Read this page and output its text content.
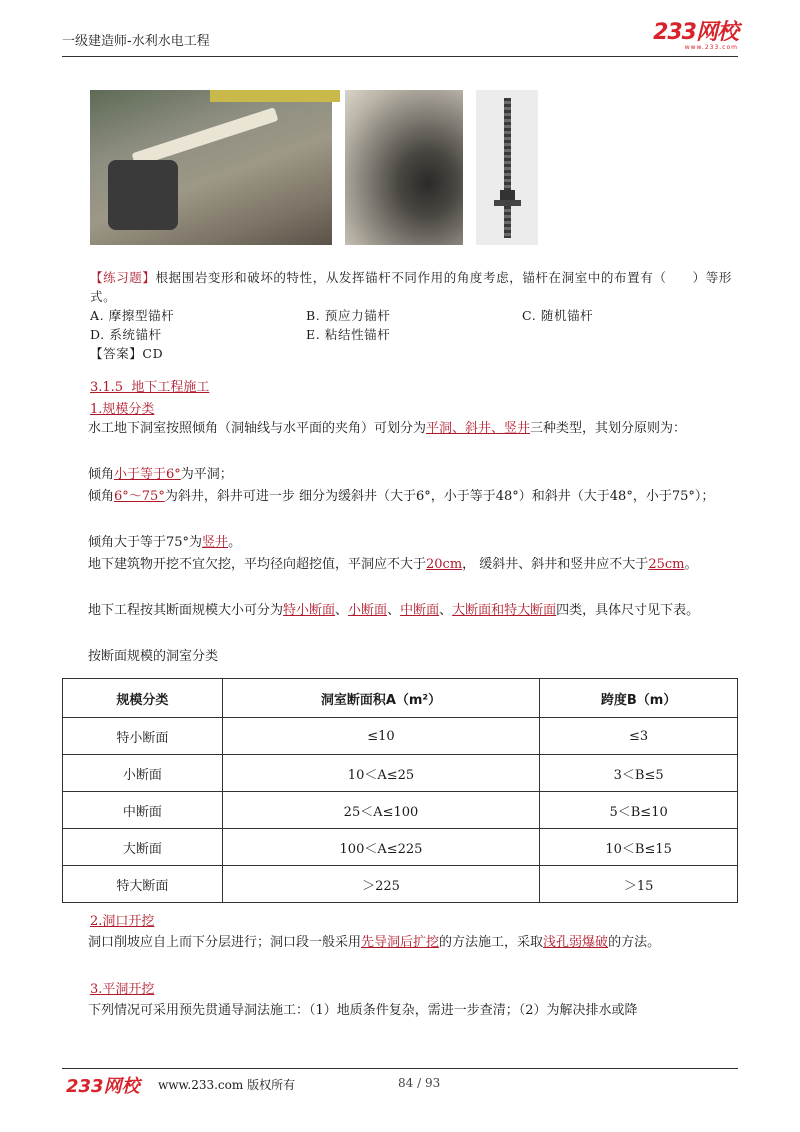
一级建造师-水利水电工程	233网校
www.233.com
【练习题】根据围岩变形和破坏的特性，从发挥锚杆不同作用的角度考虑，锚杆在洞室中的布置有（　　）等形式。
A. 摩擦型锚杆	B. 预应力锚杆	C. 随机锚杆
D. 系统锚杆	E. 粘结性锚杆
【答案】CD
3.1.5 地下工程施工
1.规模分类
水工地下洞室按照倾角（洞轴线与水平面的夹角）可划分为平洞、斜井、竖井三种类型，其划分原则为：
倾角小于等于6°为平洞；
倾角6°～75°为斜井，斜井可进一步 细分为缓斜井（大于6°，小于等于48°）和斜井（大于48°，小于75°）；
倾角大于等于75°为竖井。
地下建筑物开挖不宜欠挖，平均径向超挖值，平洞应不大于20cm， 缓斜井、斜井和竖井应不大于25cm。
地下工程按其断面规模大小可分为特小断面、小断面、中断面、大断面和特大断面四类，具体尺寸见下表。
按断面规模的洞室分类
规模分类	洞室断面积A（m²）	跨度B（m）
特小断面	≤10	≤3
小断面	10＜A≤25	3＜B≤5
中断面	25＜A≤100	5＜B≤10
大断面	100＜A≤225	10＜B≤15
特大断面	＞225	＞15
2.洞口开挖
洞口削坡应自上而下分层进行；洞口段一般采用先导洞后扩挖的方法施工，采取浅孔弱爆破的方法。
3.平洞开挖
下列情况可采用预先贯通导洞法施工：（1）地质条件复杂，需进一步查清；（2）为解决排水或降
233网校 www.233.com 版权所有	84 / 93
